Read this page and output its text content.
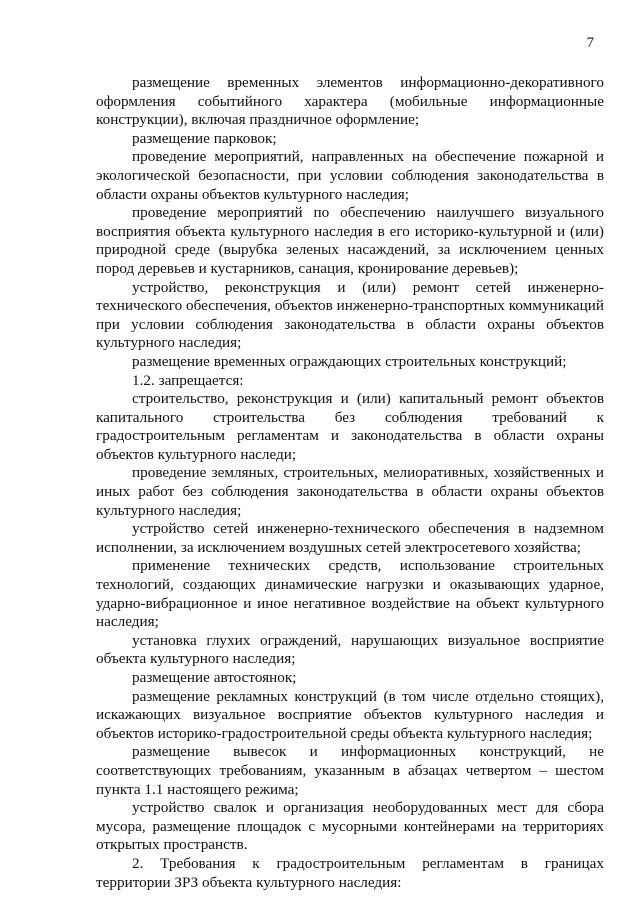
7

размещение временных элементов информационно-декоративного оформления событийного характера (мобильные информационные конструкции), включая праздничное оформление;

размещение парковок;

проведение мероприятий, направленных на обеспечение пожарной и экологической безопасности, при условии соблюдения законодательства в области охраны объектов культурного наследия;

проведение мероприятий по обеспечению наилучшего визуального восприятия объекта культурного наследия в его историко-культурной и (или) природной среде (вырубка зеленых насаждений, за исключением ценных пород деревьев и кустарников, санация, кронирование деревьев);

устройство, реконструкция и (или) ремонт сетей инженерно-технического обеспечения, объектов инженерно-транспортных коммуникаций при условии соблюдения законодательства в области охраны объектов культурного наследия;

размещение временных ограждающих строительных конструкций;

1.2. запрещается:

строительство, реконструкция и (или) капитальный ремонт объектов капитального строительства без соблюдения требований к градостроительным регламентам и законодательства в области охраны объектов культурного наследи;

проведение земляных, строительных, мелиоративных, хозяйственных и иных работ без соблюдения законодательства в области охраны объектов культурного наследия;

устройство сетей инженерно-технического обеспечения в надземном исполнении, за исключением воздушных сетей электросетевого хозяйства;

применение технических средств, использование строительных технологий, создающих динамические нагрузки и оказывающих ударное, ударно-вибрационное и иное негативное воздействие на объект культурного наследия;

установка глухих ограждений, нарушающих визуальное восприятие объекта культурного наследия;

размещение автостоянок;

размещение рекламных конструкций (в том числе отдельно стоящих), искажающих визуальное восприятие объектов культурного наследия и объектов историко-градостроительной среды объекта культурного наследия;

размещение вывесок и информационных конструкций, не соответствующих требованиям, указанным в абзацах четвертом – шестом пункта 1.1 настоящего режима;

устройство свалок и организация необорудованных мест для сбора мусора, размещение площадок с мусорными контейнерами на территориях открытых пространств.

2. Требования к градостроительным регламентам в границах территории ЗРЗ объекта культурного наследия:
